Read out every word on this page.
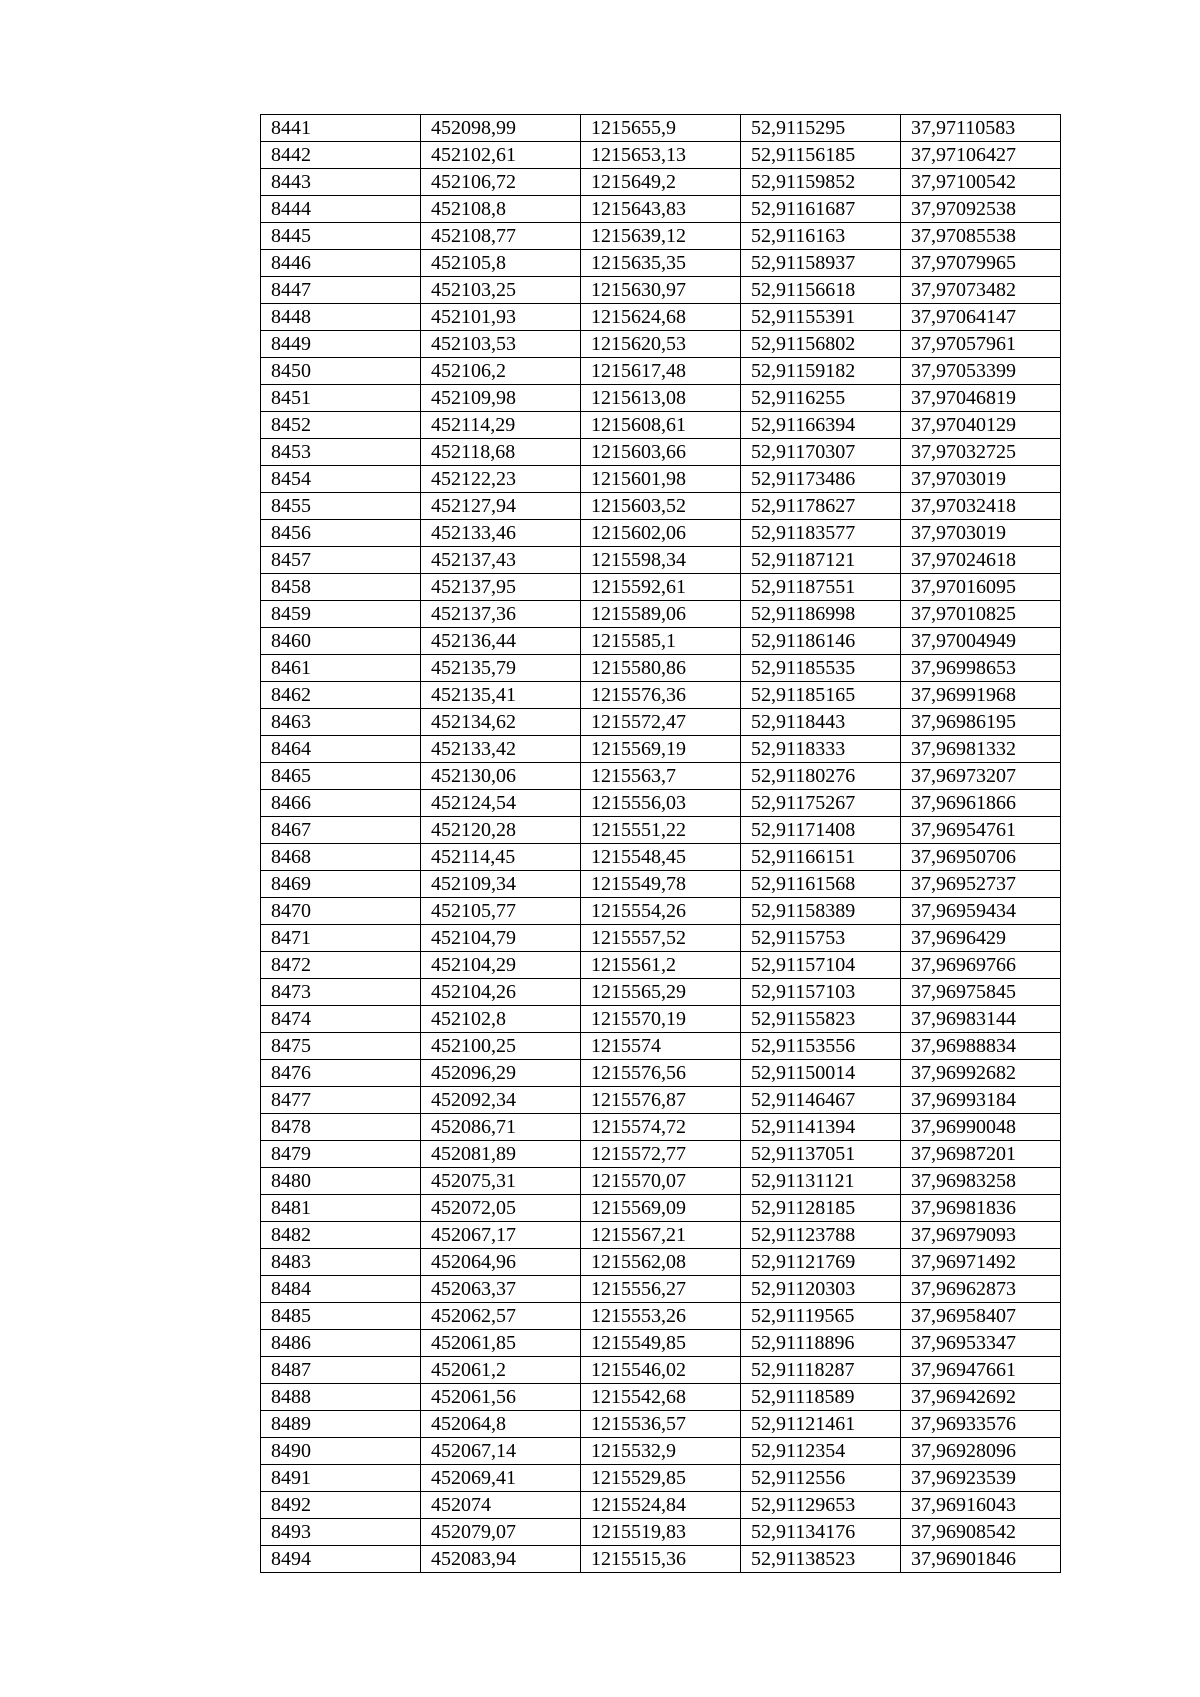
8441	452098,99	1215655,9	52,9115295	37,97110583
8442	452102,61	1215653,13	52,91156185	37,97106427
8443	452106,72	1215649,2	52,91159852	37,97100542
8444	452108,8	1215643,83	52,91161687	37,97092538
8445	452108,77	1215639,12	52,9116163	37,97085538
8446	452105,8	1215635,35	52,91158937	37,97079965
8447	452103,25	1215630,97	52,91156618	37,97073482
8448	452101,93	1215624,68	52,91155391	37,97064147
8449	452103,53	1215620,53	52,91156802	37,97057961
8450	452106,2	1215617,48	52,91159182	37,97053399
8451	452109,98	1215613,08	52,9116255	37,97046819
8452	452114,29	1215608,61	52,91166394	37,97040129
8453	452118,68	1215603,66	52,91170307	37,97032725
8454	452122,23	1215601,98	52,91173486	37,9703019
8455	452127,94	1215603,52	52,91178627	37,97032418
8456	452133,46	1215602,06	52,91183577	37,9703019
8457	452137,43	1215598,34	52,91187121	37,97024618
8458	452137,95	1215592,61	52,91187551	37,97016095
8459	452137,36	1215589,06	52,91186998	37,97010825
8460	452136,44	1215585,1	52,91186146	37,97004949
8461	452135,79	1215580,86	52,91185535	37,96998653
8462	452135,41	1215576,36	52,91185165	37,96991968
8463	452134,62	1215572,47	52,9118443	37,96986195
8464	452133,42	1215569,19	52,9118333	37,96981332
8465	452130,06	1215563,7	52,91180276	37,96973207
8466	452124,54	1215556,03	52,91175267	37,96961866
8467	452120,28	1215551,22	52,91171408	37,96954761
8468	452114,45	1215548,45	52,91166151	37,96950706
8469	452109,34	1215549,78	52,91161568	37,96952737
8470	452105,77	1215554,26	52,91158389	37,96959434
8471	452104,79	1215557,52	52,9115753	37,9696429
8472	452104,29	1215561,2	52,91157104	37,96969766
8473	452104,26	1215565,29	52,91157103	37,96975845
8474	452102,8	1215570,19	52,91155823	37,96983144
8475	452100,25	1215574	52,91153556	37,96988834
8476	452096,29	1215576,56	52,91150014	37,96992682
8477	452092,34	1215576,87	52,91146467	37,96993184
8478	452086,71	1215574,72	52,91141394	37,96990048
8479	452081,89	1215572,77	52,91137051	37,96987201
8480	452075,31	1215570,07	52,91131121	37,96983258
8481	452072,05	1215569,09	52,91128185	37,96981836
8482	452067,17	1215567,21	52,91123788	37,96979093
8483	452064,96	1215562,08	52,91121769	37,96971492
8484	452063,37	1215556,27	52,91120303	37,96962873
8485	452062,57	1215553,26	52,91119565	37,96958407
8486	452061,85	1215549,85	52,91118896	37,96953347
8487	452061,2	1215546,02	52,91118287	37,96947661
8488	452061,56	1215542,68	52,91118589	37,96942692
8489	452064,8	1215536,57	52,91121461	37,96933576
8490	452067,14	1215532,9	52,9112354	37,96928096
8491	452069,41	1215529,85	52,9112556	37,96923539
8492	452074	1215524,84	52,91129653	37,96916043
8493	452079,07	1215519,83	52,91134176	37,96908542
8494	452083,94	1215515,36	52,91138523	37,96901846
